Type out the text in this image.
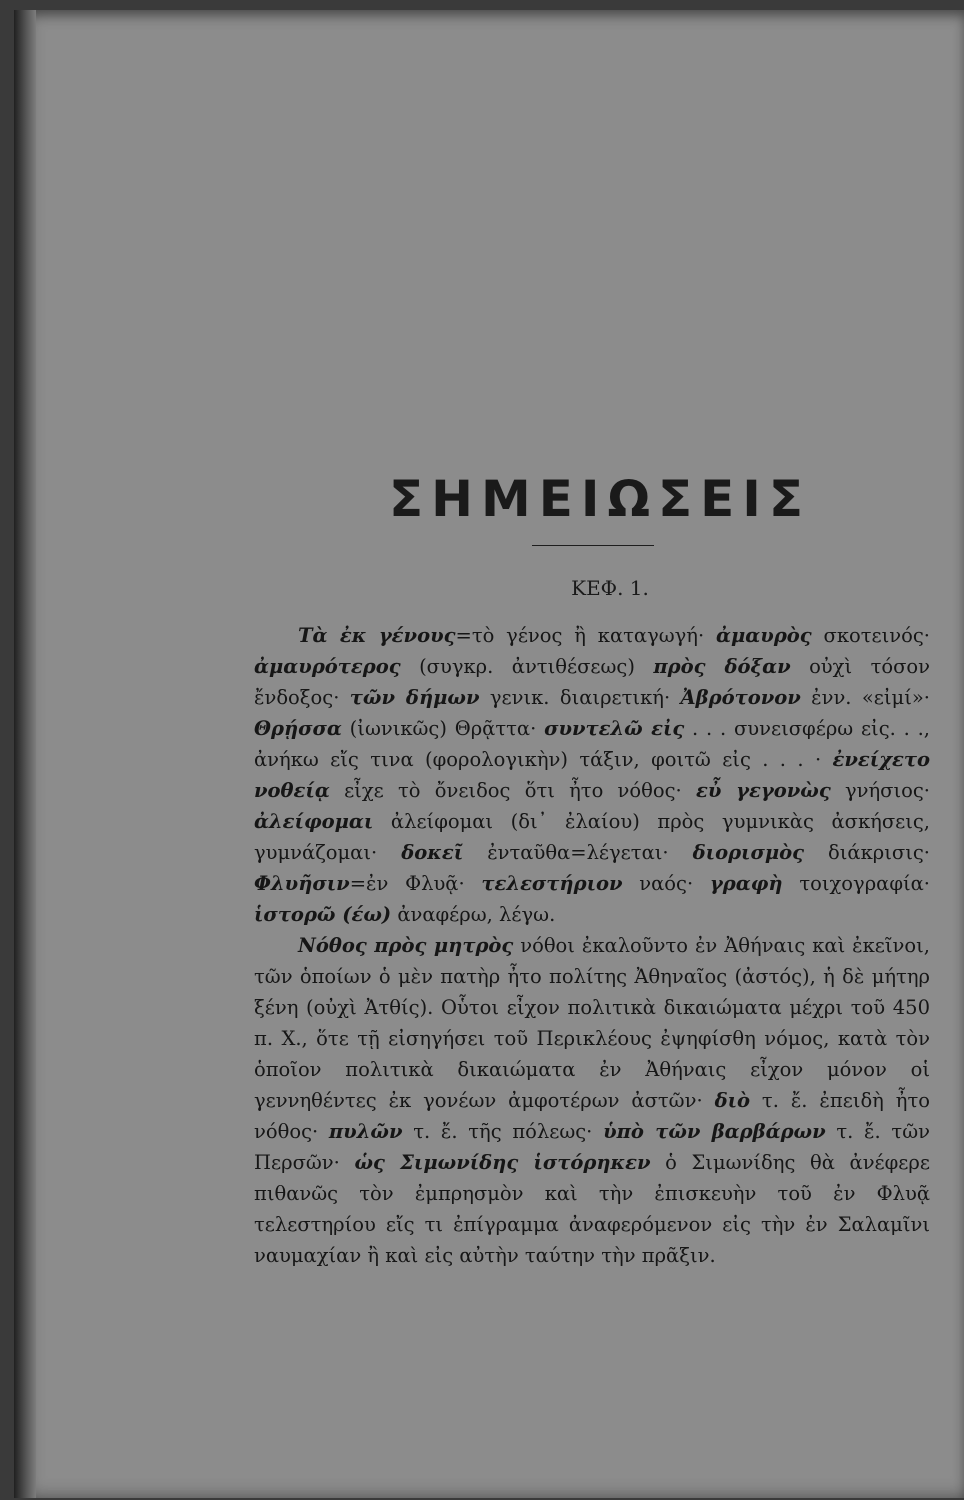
ΣΗΜΕΙΩΣΕΙΣ
ΚΕΦ. 1.

Τὰ ἐκ γένους=τὸ γένος ἢ καταγωγή· ἀμαυρὸς σκοτεινός· ἀμαυρότερος (συγκρ. ἀντιθέσεως) πρὸς δόξαν οὐχὶ τόσον ἔνδοξος· τῶν δήμων γενικ. διαιρετική· Ἀβρότονον ἐνν. «εἰμί»· Θρῄσσα (ἰωνικῶς) Θρᾷττα· συντελῶ εἰς . . . συνεισφέρω εἰς. . ., ἀνήκω εἴς τινα (φορολογικὴν) τάξιν, φοιτῶ εἰς . . . · ἐνείχετο νοθείᾳ εἶχε τὸ ὄνειδος ὅτι ἦτο νόθος· εὖ γεγονὼς γνήσιος· ἀλείφομαι ἀλείφομαι (δι᾽ ἐλαίου) πρὸς γυμνικὰς ἀσκήσεις, γυμνάζομαι· δοκεῖ ἐνταῦθα=λέγεται· διορισμὸς διάκρισις· Φλυῆσιν=ἐν Φλυᾷ· τελεστήριον ναός· γραφὴ τοιχογραφία· ἱστορῶ (έω) ἀναφέρω, λέγω.

Νόθος πρὸς μητρὸς νόθοι ἐκαλοῦντο ἐν Ἀθήναις καὶ ἐκεῖνοι, τῶν ὁποίων ὁ μὲν πατὴρ ἦτο πολίτης Ἀθηναῖος (ἀστός), ἡ δὲ μήτηρ ξένη (οὐχὶ Ἀτθίς). Οὗτοι εἶχον πολιτικὰ δικαιώματα μέχρι τοῦ 450 π. Χ., ὅτε τῇ εἰσηγήσει τοῦ Περικλέους ἐψηφίσθη νόμος, κατὰ τὸν ὁποῖον πολιτικὰ δικαιώματα ἐν Ἀθήναις εἶχον μόνον οἱ γεννηθέντες ἐκ γονέων ἀμφοτέρων ἀστῶν· διὸ τ. ἔ. ἐπειδὴ ἦτο νόθος· πυλῶν τ. ἔ. τῆς πόλεως· ὑπὸ τῶν βαρβάρων τ. ἔ. τῶν Περσῶν· ὡς Σιμωνίδης ἱστόρηκεν ὁ Σιμωνίδης θὰ ἀνέφερε πιθανῶς τὸν ἐμπρησμὸν καὶ τὴν ἐπισκευὴν τοῦ ἐν Φλυᾷ τελεστηρίου εἴς τι ἐπίγραμμα ἀναφερόμενον εἰς τὴν ἐν Σαλαμῖνι ναυμαχίαν ἢ καὶ εἰς αὐτὴν ταύτην τὴν πρᾶξιν.
